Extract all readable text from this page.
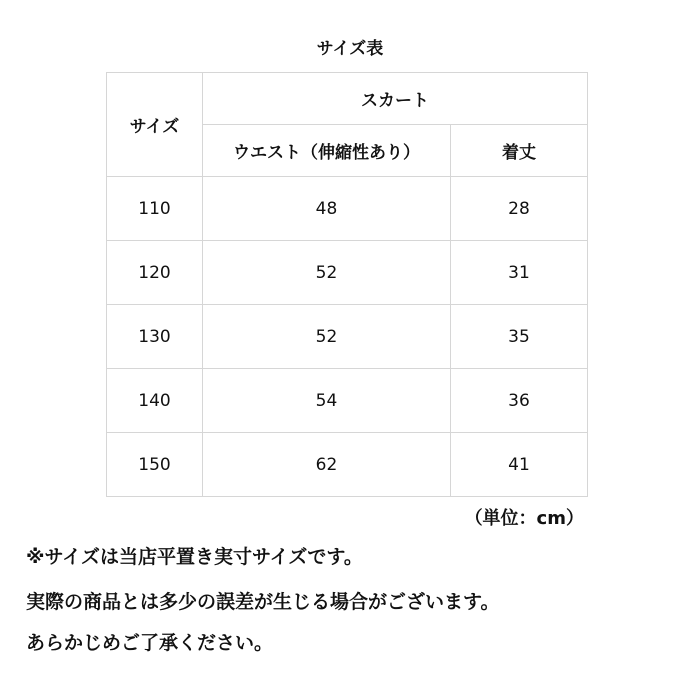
サイズ表
サイズ	スカート	
	ウエスト（伸縮性あり）	着丈
110	48	28
120	52	31
130	52	35
140	54	36
150	62	41
（単位：cm）
※サイズは当店平置き実寸サイズです。
実際の商品とは多少の誤差が生じる場合がございます。
あらかじめご了承ください。
